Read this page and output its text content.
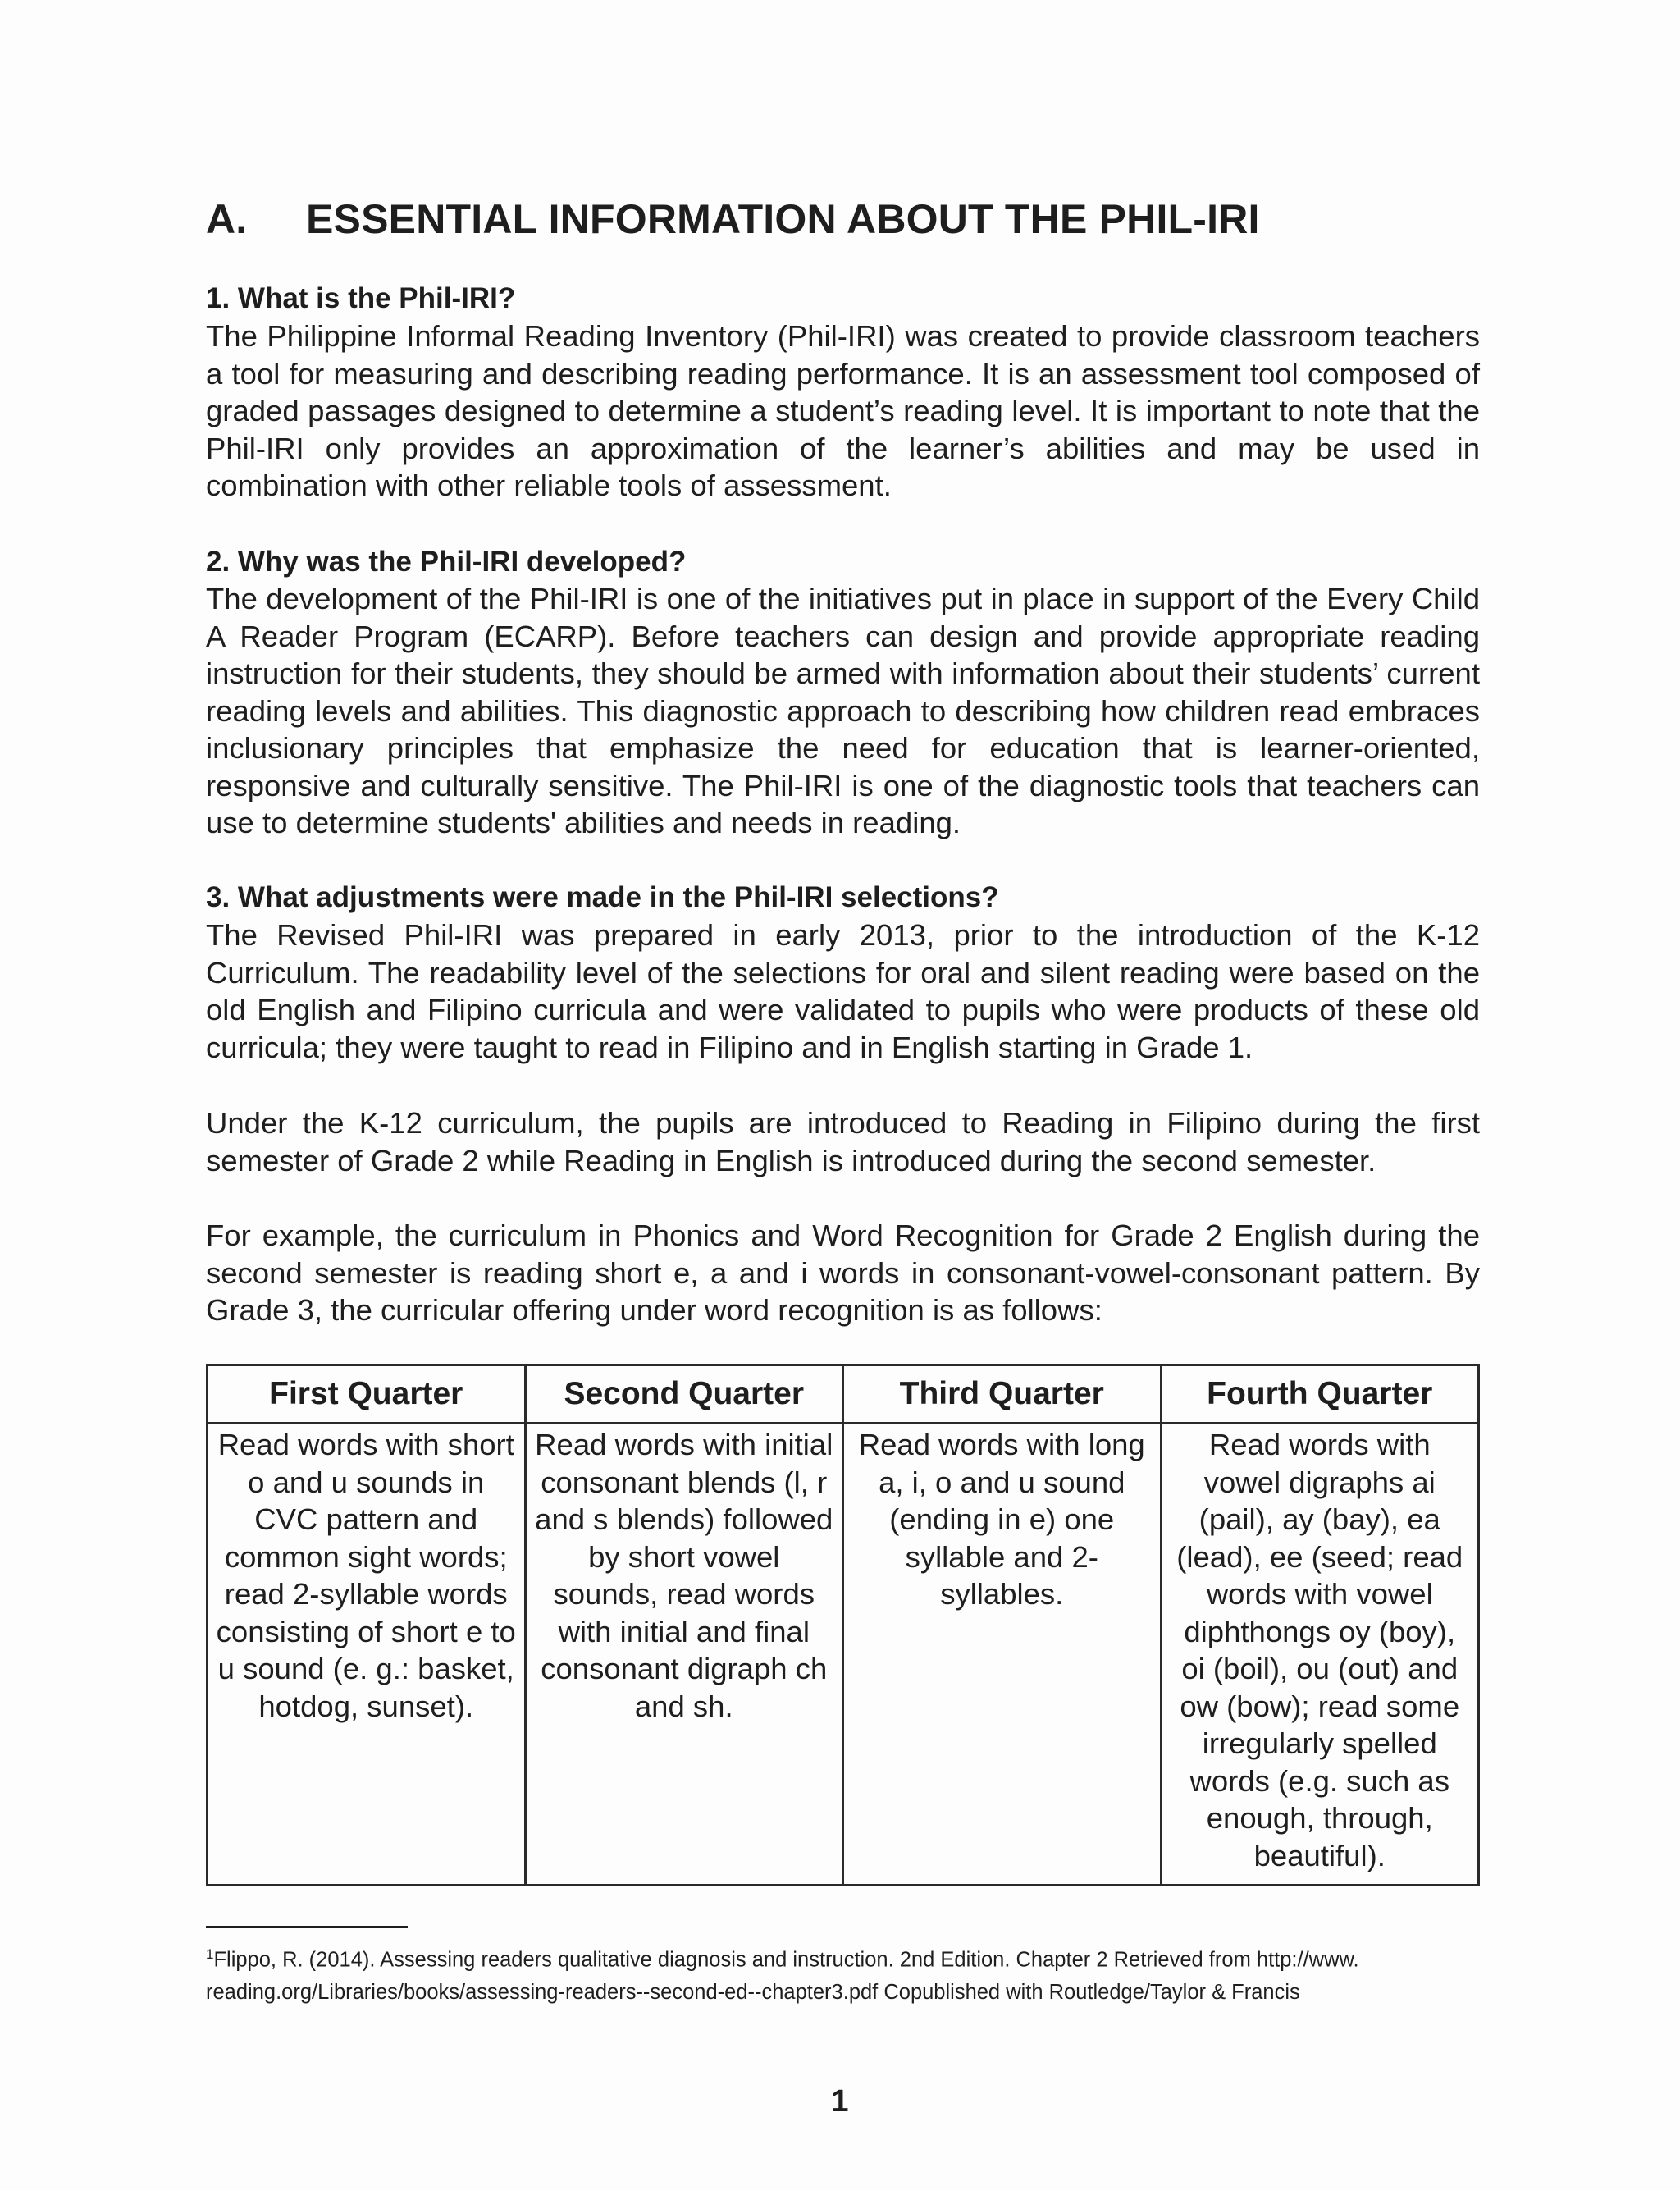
A. ESSENTIAL INFORMATION ABOUT THE PHIL-IRI
1. What is the Phil-IRI?
The Philippine Informal Reading Inventory (Phil-IRI) was created to provide classroom teachers a tool for measuring and describing reading performance. It is an assessment tool composed of graded passages designed to determine a student’s reading level. It is important to note that the Phil-IRI only provides an approximation of the learner’s abilities and may be used in combination with other reliable tools of assessment.
2. Why was the Phil-IRI developed?
The development of the Phil-IRI is one of the initiatives put in place in support of the Every Child A Reader Program (ECARP). Before teachers can design and provide appropriate reading instruction for their students, they should be armed with information about their students’ current reading levels and abilities. This diagnostic approach to describing how children read embraces inclusionary principles that emphasize the need for education that is learner-oriented, responsive and culturally sensitive. The Phil-IRI is one of the diagnostic tools that teachers can use to determine students' abilities and needs in reading.
3. What adjustments were made in the Phil-IRI selections?
The Revised Phil-IRI was prepared in early 2013, prior to the introduction of the K-12 Curriculum. The readability level of the selections for oral and silent reading were based on the old English and Filipino curricula and were validated to pupils who were products of these old curricula; they were taught to read in Filipino and in English starting in Grade 1.
Under the K-12 curriculum, the pupils are introduced to Reading in Filipino during the first semester of Grade 2 while Reading in English is introduced during the second semester.
For example, the curriculum in Phonics and Word Recognition for Grade 2 English during the second semester is reading short e, a and i words in consonant-vowel-consonant pattern. By Grade 3, the curricular offering under word recognition is as follows:
First Quarter	Second Quarter	Third Quarter	Fourth Quarter
Read words with short o and u sounds in CVC pattern and common sight words; read 2-syllable words consisting of short e to u sound (e. g.: basket, hotdog, sunset).	Read words with initial consonant blends (l, r and s blends) followed by short vowel sounds, read words with initial and final consonant digraph ch and sh.	Read words with long a, i, o and u sound (ending in e) one syllable and 2-syllables.	Read words with vowel digraphs ai (pail), ay (bay), ea (lead), ee (seed; read words with vowel diphthongs oy (boy), oi (boil), ou (out) and ow (bow); read some irregularly spelled words (e.g. such as enough, through, beautiful).
$^1$Flippo, R. (2014). Assessing readers qualitative diagnosis and instruction. 2nd Edition. Chapter 2 Retrieved from http://www. reading.org/Libraries/books/assessing-readers--second-ed--chapter3.pdf Copublished with Routledge/Taylor & Francis
1
